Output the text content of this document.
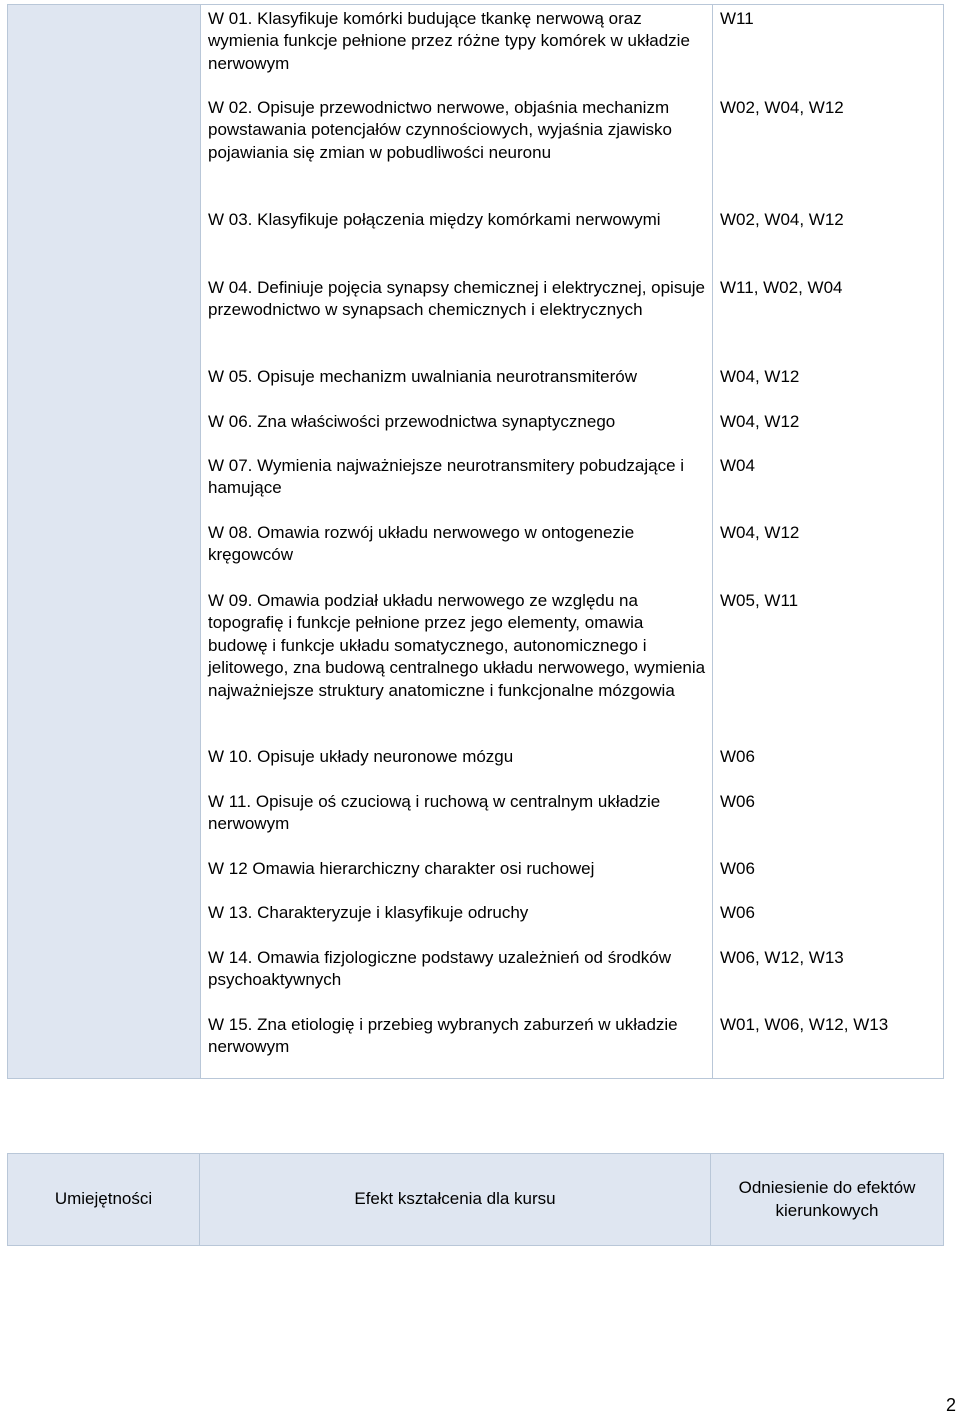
W 01. Klasyfikuje komórki budujące tkankę nerwową oraz wymienia funkcje pełnione przez różne typy komórek w układzie nerwowym
W 02. Opisuje przewodnictwo nerwowe, objaśnia mechanizm powstawania potencjałów czynnościowych, wyjaśnia zjawisko pojawiania się zmian w pobudliwości neuronu
W 03. Klasyfikuje połączenia między komórkami nerwowymi
W 04. Definiuje pojęcia synapsy chemicznej i elektrycznej, opisuje przewodnictwo w synapsach chemicznych i elektrycznych
W 05. Opisuje mechanizm uwalniania neurotransmiterów
W 06. Zna właściwości przewodnictwa synaptycznego
W 07. Wymienia najważniejsze neurotransmitery pobudzające i hamujące
W 08. Omawia rozwój układu nerwowego w ontogenezie kręgowców
W 09. Omawia podział układu nerwowego ze względu na topografię i funkcje pełnione przez jego elementy, omawia budowę i funkcje układu somatycznego, autonomicznego i jelitowego, zna budową centralnego układu nerwowego, wymienia najważniejsze struktury anatomiczne i funkcjonalne mózgowia
W 10. Opisuje układy neuronowe mózgu
W 11. Opisuje oś czuciową i ruchową w centralnym układzie nerwowym
W 12 Omawia hierarchiczny charakter osi ruchowej
W 13. Charakteryzuje i klasyfikuje odruchy
W 14. Omawia fizjologiczne podstawy uzależnień od środków psychoaktywnych
W 15. Zna etiologię i przebieg wybranych zaburzeń w układzie nerwowym
W11
W02, W04, W12
W02, W04, W12
W11, W02, W04
W04, W12
W04, W12
W04
W04, W12
W05, W11
W06
W06
W06
W06
W06, W12, W13
W01, W06, W12, W13
Umiejętności	Efekt kształcenia dla kursu
Odniesienie do efektów kierunkowych
2
